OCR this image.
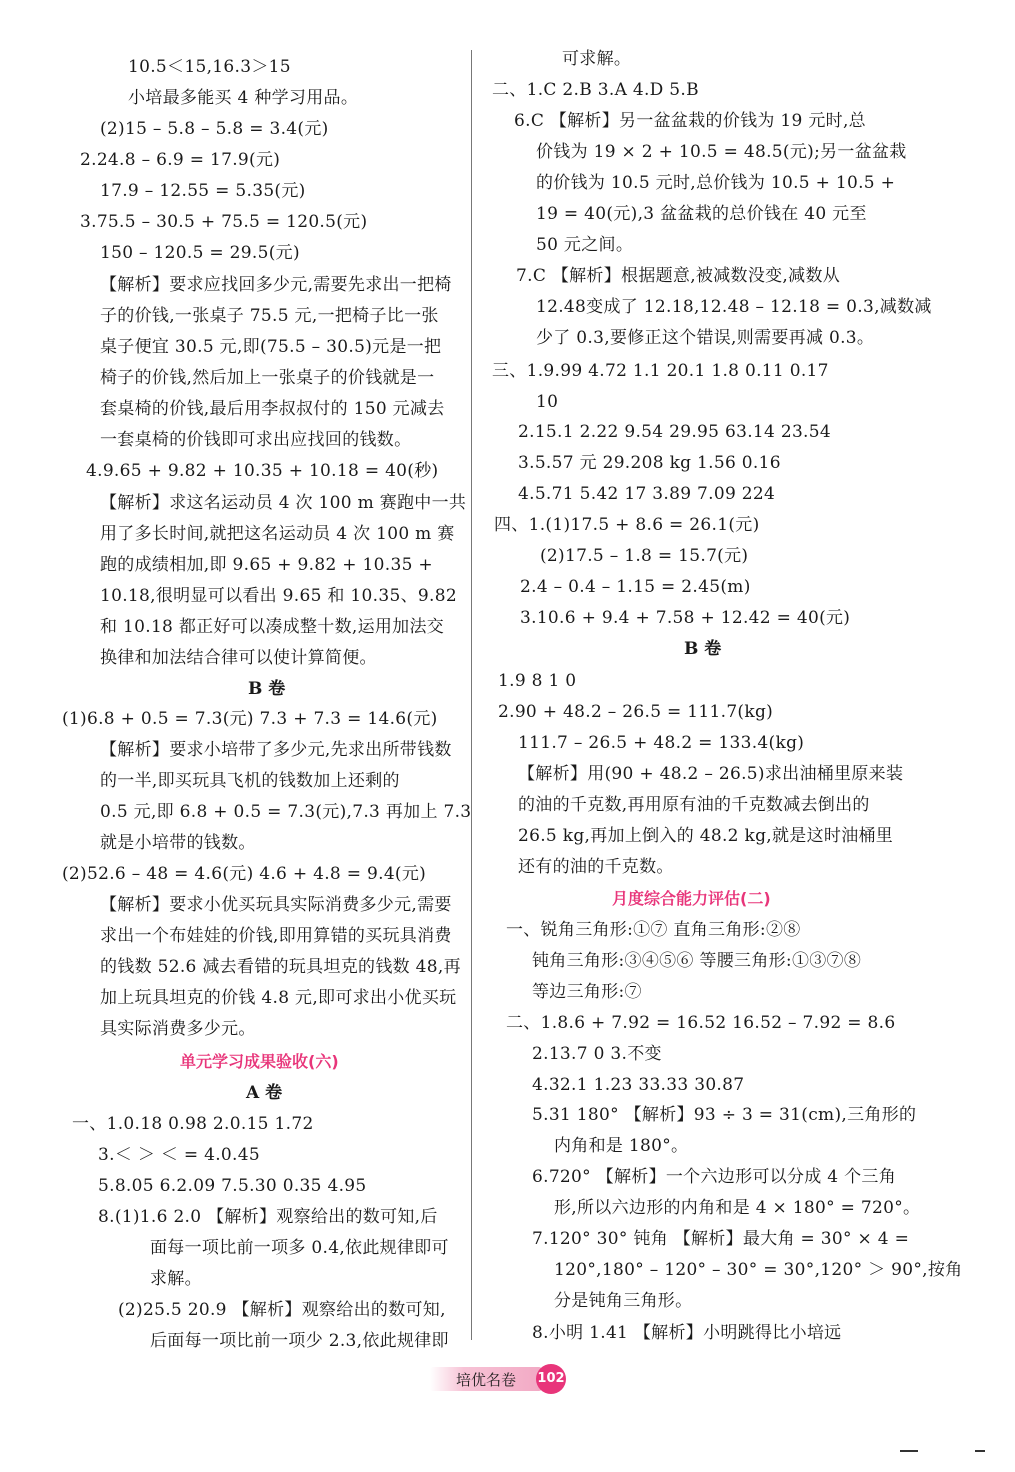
10.5＜15,16.3＞15
小培最多能买 4 种学习用品。
(2)15 – 5.8 – 5.8 = 3.4(元)
2.24.8 – 6.9 = 17.9(元)
17.9 – 12.55 = 5.35(元)
3.75.5 – 30.5 + 75.5 = 120.5(元)
150 – 120.5 = 29.5(元)
【解析】要求应找回多少元,需要先求出一把椅
子的价钱,一张桌子 75.5 元,一把椅子比一张
桌子便宜 30.5 元,即(75.5 – 30.5)元是一把
椅子的价钱,然后加上一张桌子的价钱就是一
套桌椅的价钱,最后用李叔叔付的 150 元减去
一套桌椅的价钱即可求出应找回的钱数。
4.9.65 + 9.82 + 10.35 + 10.18 = 40(秒)
【解析】求这名运动员 4 次 100 m 赛跑中一共
用了多长时间,就把这名运动员 4 次 100 m 赛
跑的成绩相加,即 9.65 + 9.82 + 10.35 +
10.18,很明显可以看出 9.65 和 10.35、9.82
和 10.18 都正好可以凑成整十数,运用加法交
换律和加法结合律可以使计算简便。
B 卷
(1)6.8 + 0.5 = 7.3(元) 7.3 + 7.3 = 14.6(元)
【解析】要求小培带了多少元,先求出所带钱数
的一半,即买玩具飞机的钱数加上还剩的
0.5 元,即 6.8 + 0.5 = 7.3(元),7.3 再加上 7.3
就是小培带的钱数。
(2)52.6 – 48 = 4.6(元) 4.6 + 4.8 = 9.4(元)
【解析】要求小优买玩具实际消费多少元,需要
求出一个布娃娃的价钱,即用算错的买玩具消费
的钱数 52.6 减去看错的玩具坦克的钱数 48,再
加上玩具坦克的价钱 4.8 元,即可求出小优买玩
具实际消费多少元。
单元学习成果验收(六)
A 卷
一、1.0.18 0.98 2.0.15 1.72
3.＜ ＞ ＜ = 4.0.45
5.8.05 6.2.09 7.5.30 0.35 4.95
8.(1)1.6 2.0 【解析】观察给出的数可知,后
面每一项比前一项多 0.4,依此规律即可
求解。
(2)25.5 20.9 【解析】观察给出的数可知,
后面每一项比前一项少 2.3,依此规律即
可求解。
二、1.C 2.B 3.A 4.D 5.B
6.C 【解析】另一盆盆栽的价钱为 19 元时,总
价钱为 19 × 2 + 10.5 = 48.5(元);另一盆盆栽
的价钱为 10.5 元时,总价钱为 10.5 + 10.5 +
19 = 40(元),3 盆盆栽的总价钱在 40 元至
50 元之间。
7.C 【解析】根据题意,被减数没变,减数从
12.48变成了 12.18,12.48 – 12.18 = 0.3,减数减
少了 0.3,要修正这个错误,则需要再减 0.3。
三、1.9.99 4.72 1.1 20.1 1.8 0.11 0.17
10
2.15.1 2.22 9.54 29.95 63.14 23.54
3.5.57 元 29.208 kg 1.56 0.16
4.5.71 5.42 17 3.89 7.09 224
四、1.(1)17.5 + 8.6 = 26.1(元)
(2)17.5 – 1.8 = 15.7(元)
2.4 – 0.4 – 1.15 = 2.45(m)
3.10.6 + 9.4 + 7.58 + 12.42 = 40(元)
B 卷
1.9 8 1 0
2.90 + 48.2 – 26.5 = 111.7(kg)
111.7 – 26.5 + 48.2 = 133.4(kg)
【解析】用(90 + 48.2 – 26.5)求出油桶里原来装
的油的千克数,再用原有油的千克数减去倒出的
26.5 kg,再加上倒入的 48.2 kg,就是这时油桶里
还有的油的千克数。
月度综合能力评估(二)
一、锐角三角形:①⑦ 直角三角形:②⑧
钝角三角形:③④⑤⑥ 等腰三角形:①③⑦⑧
等边三角形:⑦
二、1.8.6 + 7.92 = 16.52 16.52 – 7.92 = 8.6
2.13.7 0 3.不变
4.32.1 1.23 33.33 30.87
5.31 180° 【解析】93 ÷ 3 = 31(cm),三角形的
内角和是 180°。
6.720° 【解析】一个六边形可以分成 4 个三角
形,所以六边形的内角和是 4 × 180° = 720°。
7.120° 30° 钝角 【解析】最大角 = 30° × 4 =
120°,180° – 120° – 30° = 30°,120° ＞ 90°,按角
分是钝角三角形。
8.小明 1.41 【解析】小明跳得比小培远
培优名卷 102
